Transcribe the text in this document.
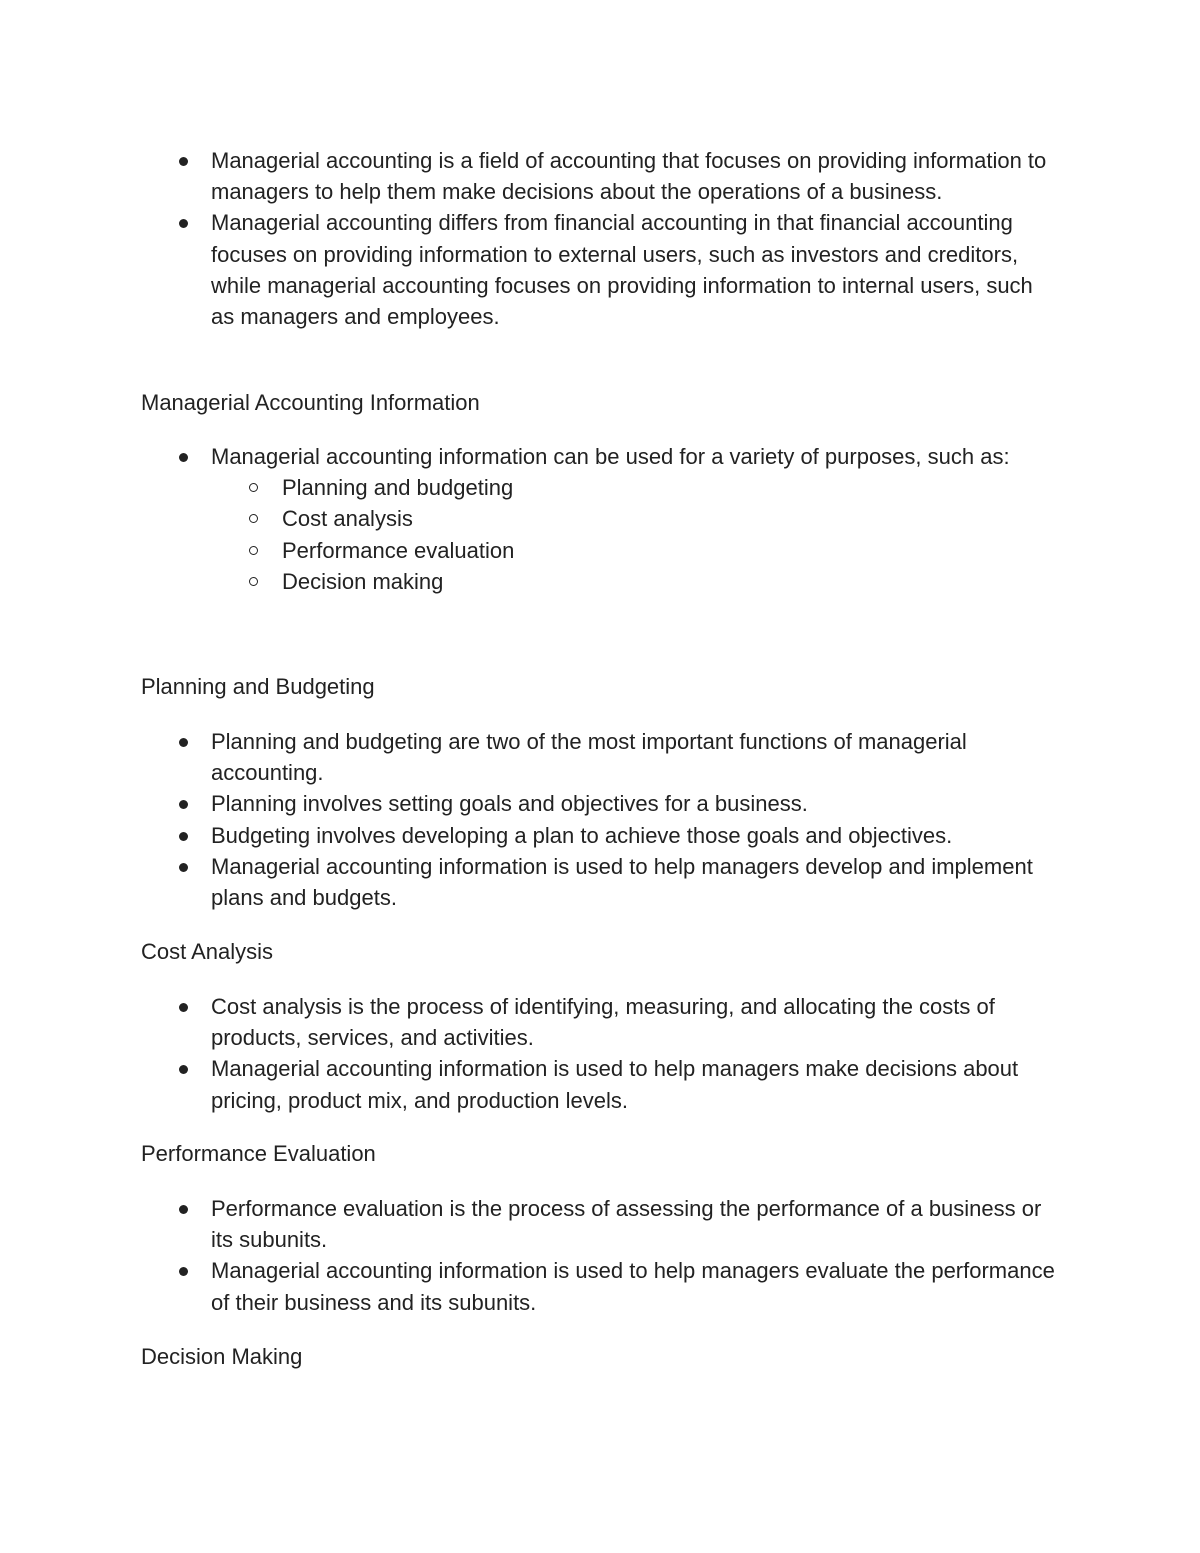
Managerial accounting is a field of accounting that focuses on providing information to managers to help them make decisions about the operations of a business.
Managerial accounting differs from financial accounting in that financial accounting focuses on providing information to external users, such as investors and creditors, while managerial accounting focuses on providing information to internal users, such as managers and employees.
Managerial Accounting Information
Managerial accounting information can be used for a variety of purposes, such as:
Planning and budgeting
Cost analysis
Performance evaluation
Decision making
Planning and Budgeting
Planning and budgeting are two of the most important functions of managerial accounting.
Planning involves setting goals and objectives for a business.
Budgeting involves developing a plan to achieve those goals and objectives.
Managerial accounting information is used to help managers develop and implement plans and budgets.
Cost Analysis
Cost analysis is the process of identifying, measuring, and allocating the costs of products, services, and activities.
Managerial accounting information is used to help managers make decisions about pricing, product mix, and production levels.
Performance Evaluation
Performance evaluation is the process of assessing the performance of a business or its subunits.
Managerial accounting information is used to help managers evaluate the performance of their business and its subunits.
Decision Making
